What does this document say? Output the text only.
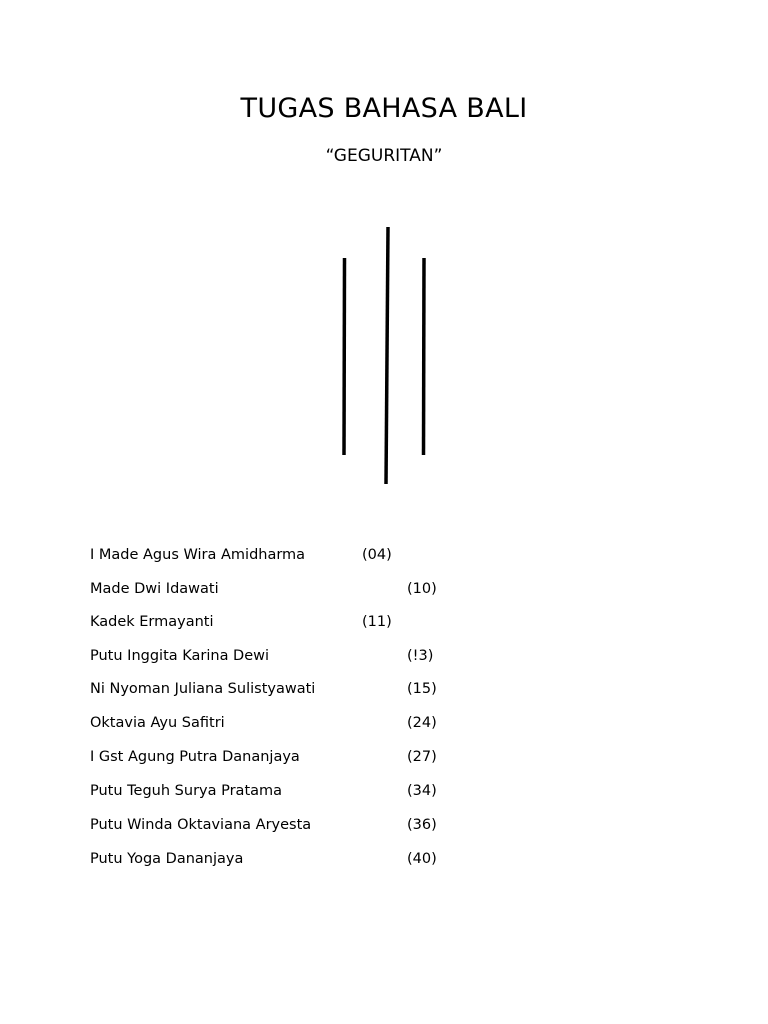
TUGAS BAHASA BALI
“GEGURITAN”
I Made Agus Wira Amidharma	(04)
Made Dwi Idawati	(10)
Kadek Ermayanti	(11)
Putu Inggita Karina Dewi	(!3)
Ni Nyoman Juliana Sulistyawati	(15)
Oktavia Ayu Safitri	(24)
I Gst Agung Putra Dananjaya	(27)
Putu Teguh Surya Pratama	(34)
Putu Winda Oktaviana Aryesta	(36)
Putu Yoga Dananjaya	(40)
